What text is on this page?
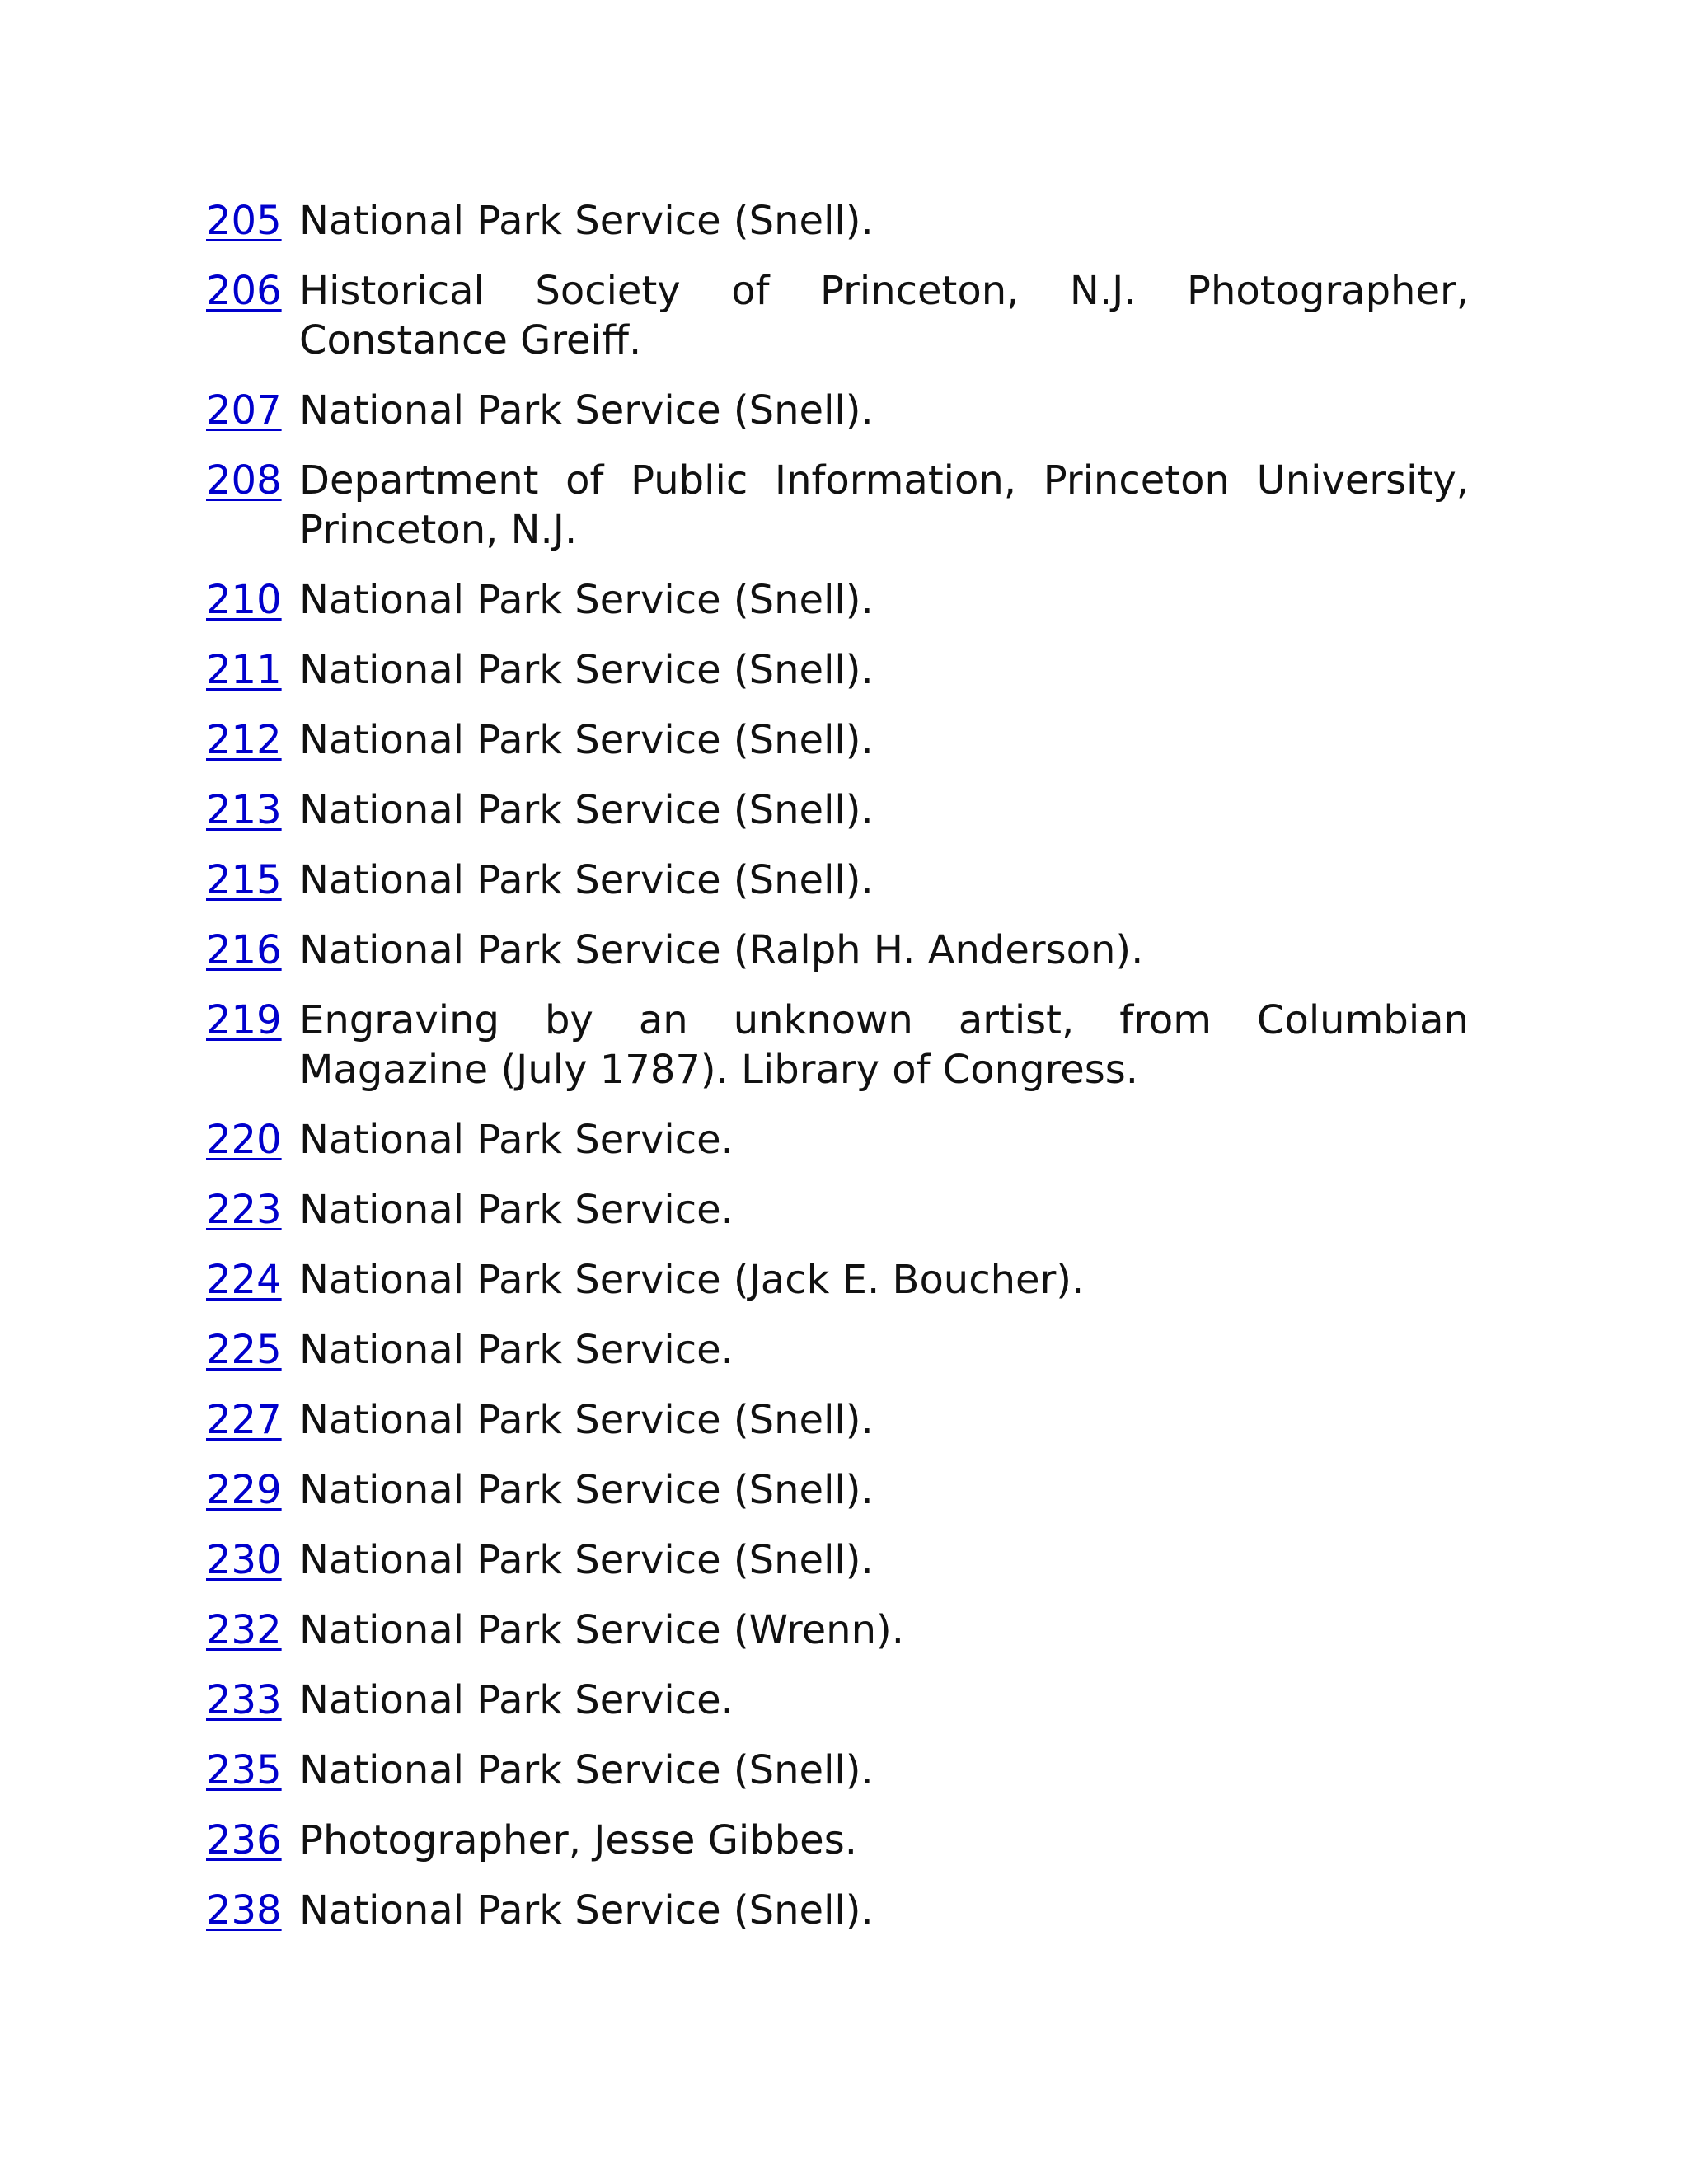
205 National Park Service (Snell).

206 Historical Society of Princeton, N.J. Photographer, Constance Greiff.

207 National Park Service (Snell).

208 Department of Public Information, Princeton University, Princeton, N.J.

210 National Park Service (Snell).

211 National Park Service (Snell).

212 National Park Service (Snell).

213 National Park Service (Snell).

215 National Park Service (Snell).

216 National Park Service (Ralph H. Anderson).

219 Engraving by an unknown artist, from Columbian Magazine (July 1787). Library of Congress.

220 National Park Service.

223 National Park Service.

224 National Park Service (Jack E. Boucher).

225 National Park Service.

227 National Park Service (Snell).

229 National Park Service (Snell).

230 National Park Service (Snell).

232 National Park Service (Wrenn).

233 National Park Service.

235 National Park Service (Snell).

236 Photographer, Jesse Gibbes.

238 National Park Service (Snell).
